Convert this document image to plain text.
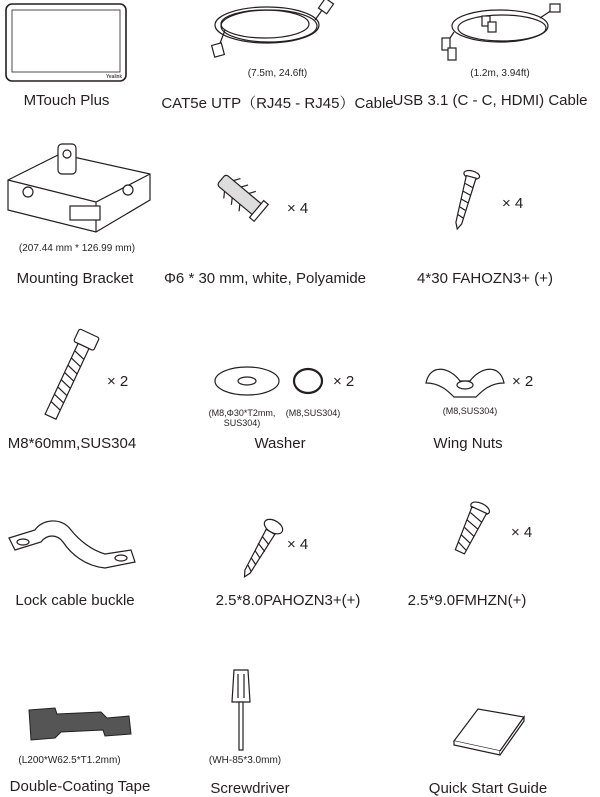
Yealink
MTouch Plus
(7.5m, 24.6ft)
CAT5e UTP（RJ45 - RJ45）Cable
(1.2m, 3.94ft)
USB 3.1 (C - C, HDMI) Cable
(207.44 mm * 126.99 mm)
Mounting Bracket
× 4
Φ6 * 30 mm, white, Polyamide
× 4
4*30 FAHOZN3+ (+)
× 2
M8*60mm,SUS304
× 2
(M8,Φ30*T2mm,
SUS304)
(M8,SUS304)
Washer
× 2
(M8,SUS304)
Wing Nuts
Lock cable buckle
× 4
2.5*8.0PAHOZN3+(+)
× 4
2.5*9.0FMHZN(+)
(L200*W62.5*T1.2mm)
Double-Coating Tape
(WH-85*3.0mm)
Screwdriver	Quick Start Guide
